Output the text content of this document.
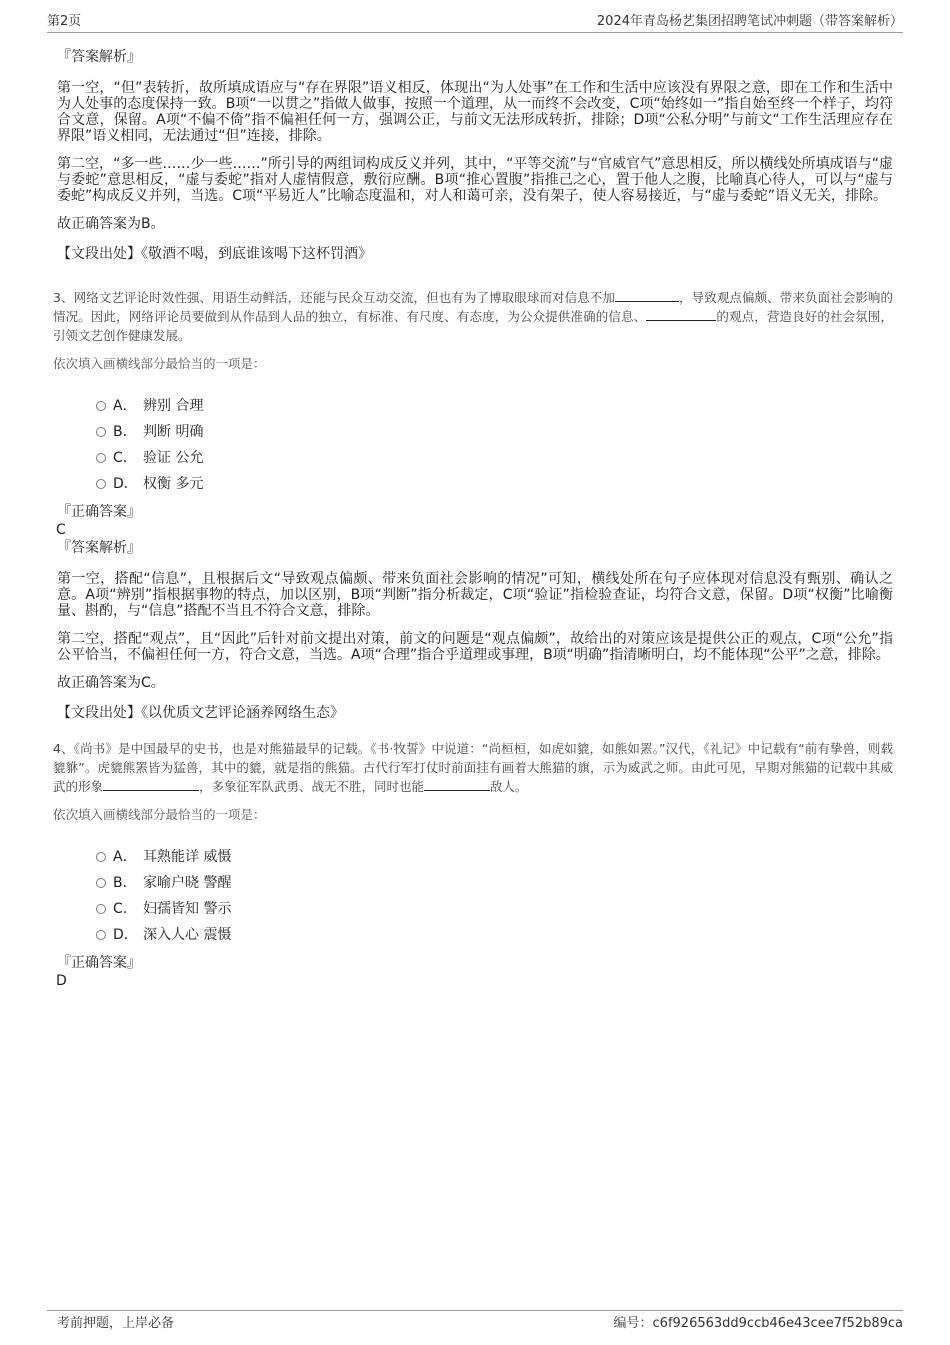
第2页	2024年青岛杨艺集团招聘笔试冲刺题（带答案解析）
『答案解析』

第一空，“但”表转折，故所填成语应与“存在界限”语义相反，体现出“为人处事”在工作和生活中应该没有界限之意，即在工作和生活中为人处事的态度保持一致。B项“一以贯之”指做人做事，按照一个道理，从一而终不会改变，C项“始终如一”指自始至终一个样子，均符合文意，保留。A项“不偏不倚”指不偏袒任何一方，强调公正，与前文无法形成转折，排除；D项“公私分明”与前文“工作生活理应存在界限”语义相同，无法通过“但”连接，排除。

第二空，“多一些……少一些……”所引导的两组词构成反义并列，其中，“平等交流”与“官威官气”意思相反，所以横线处所填成语与“虚与委蛇”意思相反，“虚与委蛇”指对人虚情假意，敷衍应酬。B项“推心置腹”指推己之心，置于他人之腹，比喻真心待人，可以与“虚与委蛇”构成反义并列，当选。C项“平易近人”比喻态度温和，对人和蔼可亲，没有架子，使人容易接近，与“虚与委蛇”语义无关，排除。

故正确答案为B。

【文段出处】《敬酒不喝，到底谁该喝下这杯罚酒》

3、网络文艺评论时效性强、用语生动鲜活，还能与民众互动交流，但也有为了博取眼球而对信息不加	，导致观点偏颇、带来负面社会影响的情况。因此，网络评论员要做到从作品到人品的独立，有标准、有尺度、有态度，为公众提供准确的信息、	的观点，营造良好的社会氛围，引领文艺创作健康发展。

依次填入画横线部分最恰当的一项是：

A． 辨别 合理
B． 判断 明确
C． 验证 公允
D． 权衡 多元

『正确答案』

C

『答案解析』

第一空，搭配“信息”，且根据后文“导致观点偏颇、带来负面社会影响的情况”可知，横线处所在句子应体现对信息没有甄别、确认之意。A项“辨别”指根据事物的特点，加以区别，B项“判断”指分析裁定，C项“验证”指检验查证，均符合文意，保留。D项“权衡”比喻衡量、斟酌，与“信息”搭配不当且不符合文意，排除。

第二空，搭配“观点”，且“因此”后针对前文提出对策，前文的问题是“观点偏颇”，故给出的对策应该是提供公正的观点，C项“公允”指公平恰当，不偏袒任何一方，符合文意，当选。A项“合理”指合乎道理或事理，B项“明确”指清晰明白，均不能体现“公平”之意，排除。

故正确答案为C。

【文段出处】《以优质文艺评论涵养网络生态》

4、《尚书》是中国最早的史书，也是对熊猫最早的记载。《书·牧誓》中说道：“尚桓桓，如虎如貔，如熊如罴。”汉代，《礼记》中记载有“前有挚兽，则载貔貅”。虎貔熊罴皆为猛兽，其中的貔，就是指的熊猫。古代行军打仗时前面挂有画着大熊猫的旗，示为威武之师。由此可见，早期对熊猫的记载中其威武的形象	，多象征军队武勇、战无不胜，同时也能	敌人。

依次填入画横线部分最恰当的一项是：

A． 耳熟能详 威慑
B． 家喻户晓 警醒
C． 妇孺皆知 警示
D． 深入人心 震慑

『正确答案』

D

考前押题，上岸必备	编号：c6f926563dd9ccb46e43cee7f52b89ca
